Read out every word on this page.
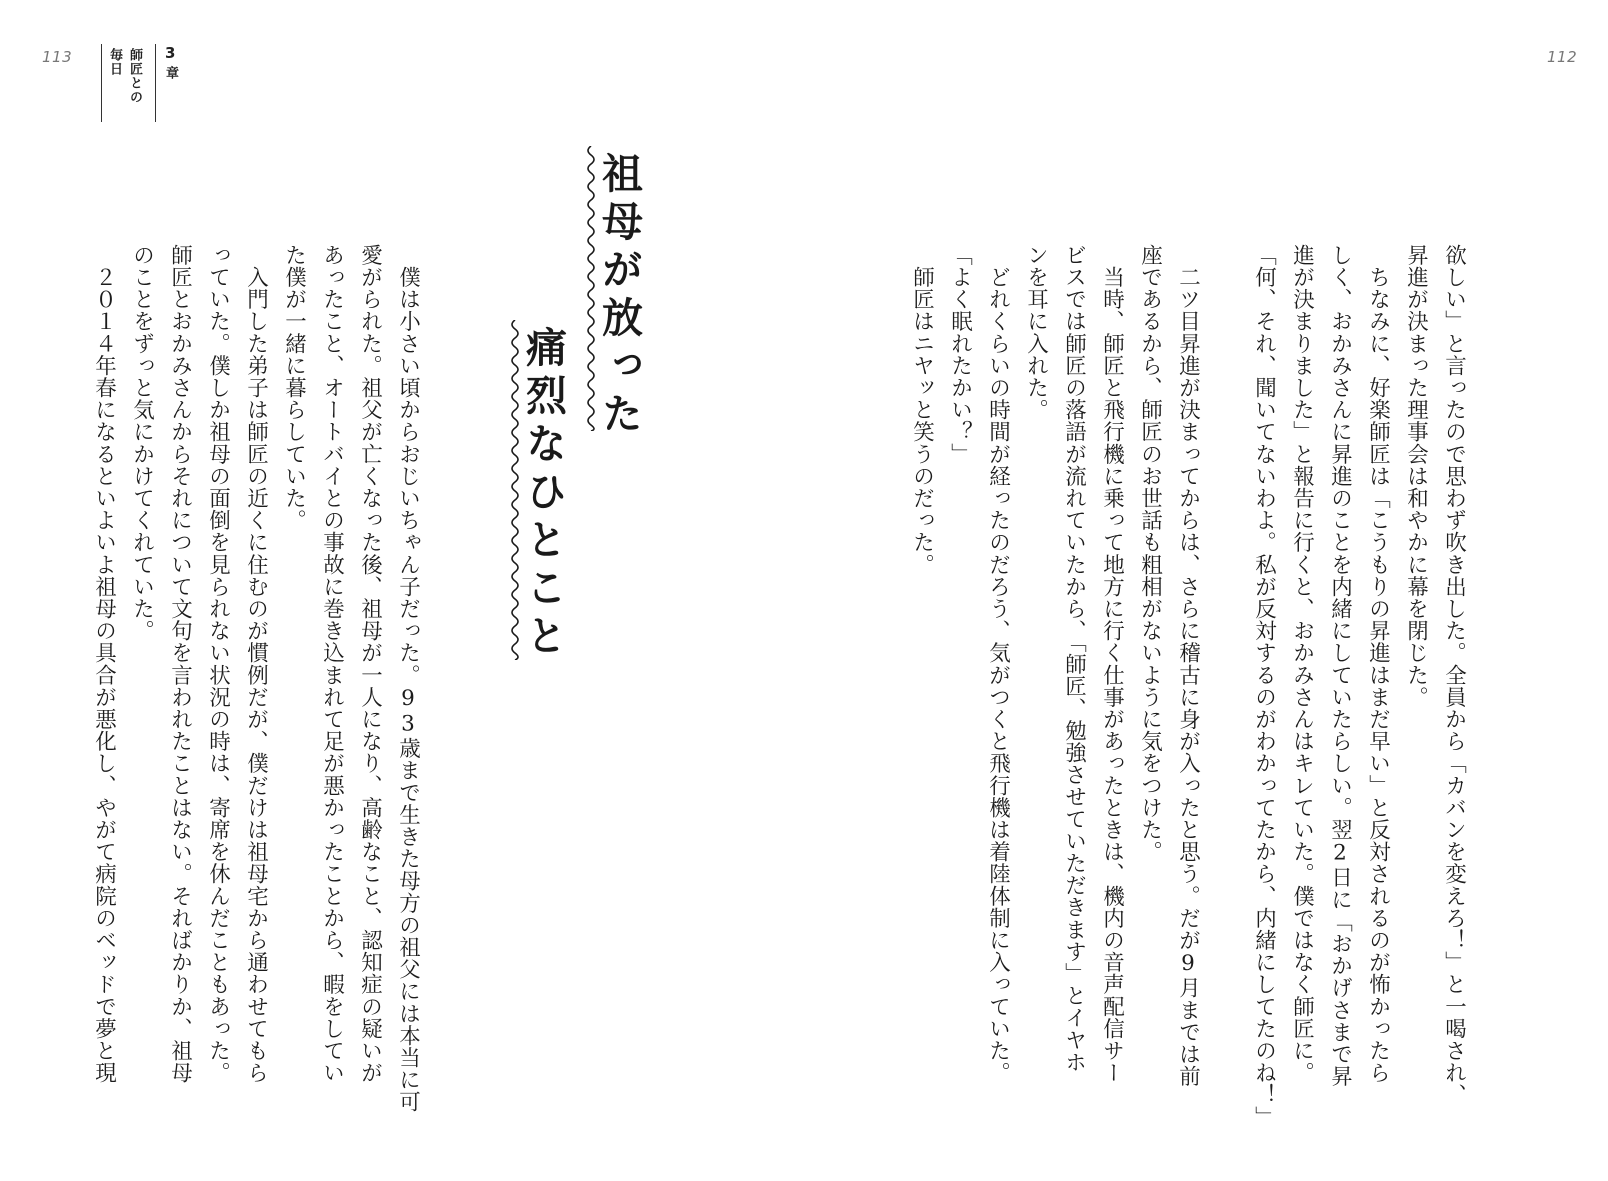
113	112
毎日 師匠との 3
章
祖母が放った
痛烈なひとこと	欲しい」と言ったので思わず吹き出した。全員から「カバンを変えろ！」と一喝され、
昇進が決まった理事会は和やかに幕を閉じた。
　ちなみに、好楽師匠は「こうもりの昇進はまだ早い」と反対されるのが怖かったら
しく、おかみさんに昇進のことを内緒にしていたらしい。翌2日に「おかげさまで昇
進が決まりました」と報告に行くと、おかみさんはキレていた。僕ではなく師匠に。
「何、それ、聞いてないわよ。私が反対するのがわかってたから、内緒にしてたのね！」
　二ツ目昇進が決まってからは、さらに稽古に身が入ったと思う。だが9月までは前
座であるから、師匠のお世話も粗相がないように気をつけた。
　当時、師匠と飛行機に乗って地方に行く仕事があったときは、機内の音声配信サー
ビスでは師匠の落語が流れていたから、「師匠、勉強させていただきます」とイヤホ
ンを耳に入れた。
　どれくらいの時間が経ったのだろう、気がつくと飛行機は着陸体制に入っていた。
「よく眠れたかい？」
　師匠はニヤッと笑うのだった。
　僕は小さい頃からおじいちゃん子だった。93歳まで生きた母方の祖父には本当に可
愛がられた。祖父が亡くなった後、祖母が一人になり、高齢なこと、認知症の疑いが
あったこと、オートバイとの事故に巻き込まれて足が悪かったことから、暇をしてい
た僕が一緒に暮らしていた。
　入門した弟子は師匠の近くに住むのが慣例だが、僕だけは祖母宅から通わせてもら
っていた。僕しか祖母の面倒を見られない状況の時は、寄席を休んだこともあった。
師匠とおかみさんからそれについて文句を言われたことはない。そればかりか、祖母
のことをずっと気にかけてくれていた。
　２０１４年春になるといよいよ祖母の具合が悪化し、やがて病院のベッドで夢と現
